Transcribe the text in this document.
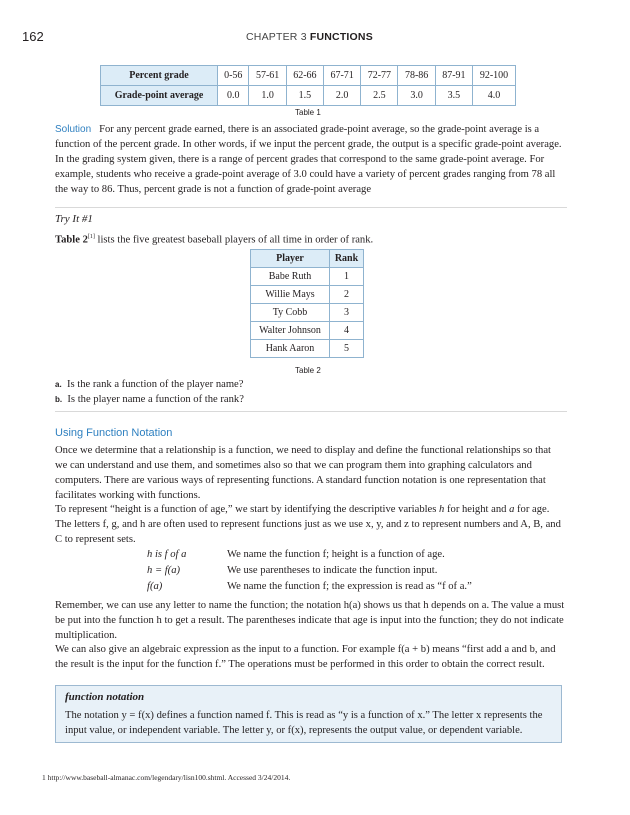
162	CHAPTER 3 FUNCTIONS
Percent grade	0-56	57-61	62-66	67-71	72-77	78-86	87-91	92-100
Grade-point average	0.0	1.0	1.5	2.0	2.5	3.0	3.5	4.0
Table 1

Solution For any percent grade earned, there is an associated grade-point average, so the grade-point average is a function of the percent grade. In other words, if we input the percent grade, the output is a specific grade-point average.

In the grading system given, there is a range of percent grades that correspond to the same grade-point average. For example, students who receive a grade-point average of 3.0 could have a variety of percent grades ranging from 78 all the way to 86. Thus, percent grade is not a function of grade-point average

Try It #1

Table 2[1] lists the five greatest baseball players of all time in order of rank.

Player	Rank
Babe Ruth	1
Willie Mays	2
Ty Cobb	3
Walter Johnson	4
Hank Aaron	5
Table 2
a. Is the rank a function of the player name?
b. Is the player name a function of the rank?
Using Function Notation

Once we determine that a relationship is a function, we need to display and define the functional relationships so that we can understand and use them, and sometimes also so that we can program them into graphing calculators and computers. There are various ways of representing functions. A standard function notation is one representation that facilitates working with functions.

To represent “height is a function of age,” we start by identifying the descriptive variables h for height and a for age.
The letters f, g, and h are often used to represent functions just as we use x, y, and z to represent numbers and A, B, and
C to represent sets.

h is f of a	We name the function f; height is a function of age.
h = f(a)	We use parentheses to indicate the function input.
f(a)	We name the function f; the expression is read as “f of a.”

Remember, we can use any letter to name the function; the notation h(a) shows us that h depends on a. The value a must be put into the function h to get a result. The parentheses indicate that age is input into the function; they do not indicate multiplication.

We can also give an algebraic expression as the input to a function. For example f(a + b) means “first add a and b, and the result is the input for the function f.” The operations must be performed in this order to obtain the correct result.

function notation

The notation y = f(x) defines a function named f. This is read as “y is a function of x.” The letter x represents the input value, or independent variable. The letter y, or f(x), represents the output value, or dependent variable.

1 http://www.baseball-almanac.com/legendary/lisn100.shtml. Accessed 3/24/2014.
